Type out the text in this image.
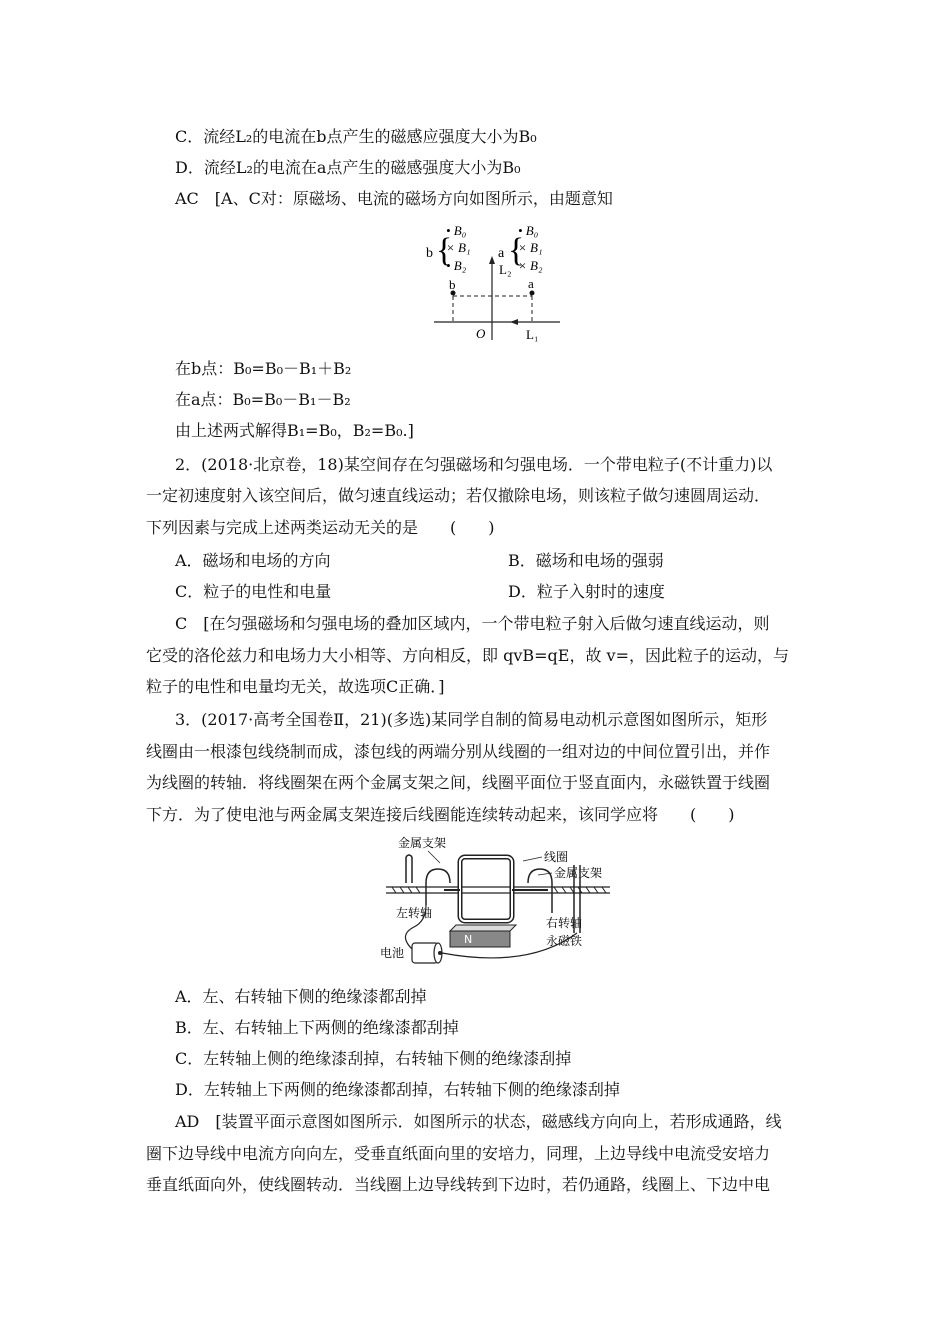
C．流经L₂的电流在b点产生的磁感应强度大小为B₀
D．流经L₂的电流在a点产生的磁感强度大小为B₀
AC　[A、C对：原磁场、电流的磁场方向如图所示，由题意知
b {
• B₀
× B₁
• B₂
a {
• B₀
× B₁
× B₂
L₂
b	a
O	L₁
在b点：B₀=B₀－B₁＋B₂
在a点：B₀=B₀－B₁－B₂
由上述两式解得B₁=B₀，B₂=B₀.]
2．(2018·北京卷，18)某空间存在匀强磁场和匀强电场．一个带电粒子(不计重力)以
一定初速度射入该空间后，做匀速直线运动；若仅撤除电场，则该粒子做匀速圆周运动．
下列因素与完成上述两类运动无关的是　　(　　)
A．磁场和电场的方向	B．磁场和电场的强弱
C．粒子的电性和电量	D．粒子入射时的速度
C　[在匀强磁场和匀强电场的叠加区域内，一个带电粒子射入后做匀速直线运动，则
它受的洛伦兹力和电场力大小相等、方向相反，即 qvB=qE，故 v=，因此粒子的运动，与
粒子的电性和电量均无关，故选项C正确．]
3．(2017·高考全国卷Ⅱ，21)(多选)某同学自制的简易电动机示意图如图所示，矩形
线圈由一根漆包线绕制而成，漆包线的两端分别从线圈的一组对边的中间位置引出，并作
为线圈的转轴．将线圈架在两个金属支架之间，线圈平面位于竖直面内，永磁铁置于线圈
下方．为了使电池与两金属支架连接后线圈能连续转动起来，该同学应将　　(　　)
金属支架
线圈
金属支架
左转轴
右转轴
永磁铁
电池
N
A．左、右转轴下侧的绝缘漆都刮掉
B．左、右转轴上下两侧的绝缘漆都刮掉
C．左转轴上侧的绝缘漆刮掉，右转轴下侧的绝缘漆刮掉
D．左转轴上下两侧的绝缘漆都刮掉，右转轴下侧的绝缘漆刮掉
AD　[装置平面示意图如图所示．如图所示的状态，磁感线方向向上，若形成通路，线
圈下边导线中电流方向向左，受垂直纸面向里的安培力，同理，上边导线中电流受安培力
垂直纸面向外，使线圈转动．当线圈上边导线转到下边时，若仍通路，线圈上、下边中电
